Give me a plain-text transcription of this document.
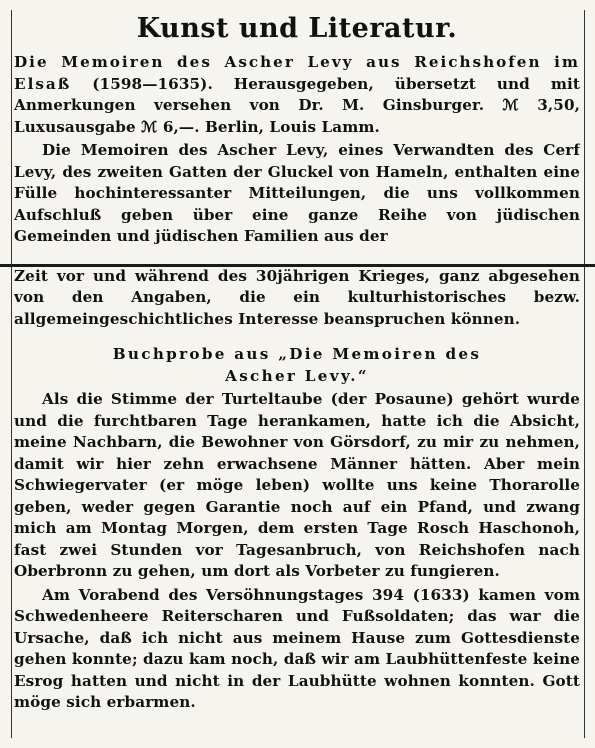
Kunst und Literatur.

Die Memoiren des Ascher Levy aus Reichshofen im Elsaß (1598—1635). Herausgegeben, übersetzt und mit Anmerkungen versehen von Dr. M. Ginsburger. ℳ 3,50, Luxusausgabe ℳ 6,—. Berlin, Louis Lamm.

Die Memoiren des Ascher Levy, eines Verwandten des Cerf Levy, des zweiten Gatten der Gluckel von Hameln, enthalten eine Fülle hochinteressanter Mitteilungen, die uns vollkommen Aufschluß geben über eine ganze Reihe von jüdischen Gemeinden und jüdischen Familien aus der

Zeit vor und während des 30jährigen Krieges, ganz abgesehen von den Angaben, die ein kulturhistorisches bezw. allgemeingeschichtliches Interesse beanspruchen können.

Buchprobe aus „Die Memoiren des
Ascher Levy.“

Als die Stimme der Turteltaube (der Posaune) gehört wurde und die furchtbaren Tage herankamen, hatte ich die Absicht, meine Nachbarn, die Bewohner von Görsdorf, zu mir zu nehmen, damit wir hier zehn erwachsene Männer hätten. Aber mein Schwiegervater (er möge leben) wollte uns keine Thorarolle geben, weder gegen Garantie noch auf ein Pfand, und zwang mich am Montag Morgen, dem ersten Tage Rosch Haschonoh, fast zwei Stunden vor Tagesanbruch, von Reichshofen nach Oberbronn zu gehen, um dort als Vorbeter zu fungieren.

Am Vorabend des Versöhnungstages 394 (1633) kamen vom Schwedenheere Reiterscharen und Fußsoldaten; das war die Ursache, daß ich nicht aus meinem Hause zum Gottesdienste gehen konnte; dazu kam noch, daß wir am Laubhüttenfeste keine Esrog hatten und nicht in der Laubhütte wohnen konnten. Gott möge sich erbarmen.
